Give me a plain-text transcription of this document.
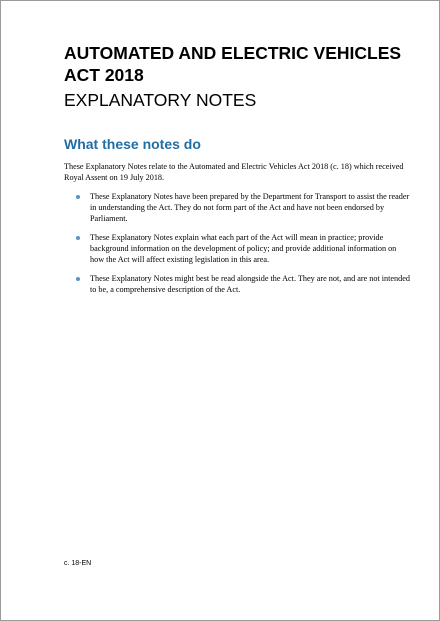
AUTOMATED AND ELECTRIC VEHICLES ACT 2018
EXPLANATORY NOTES
What these notes do

These Explanatory Notes relate to the Automated and Electric Vehicles Act 2018 (c. 18) which received Royal Assent on 19 July 2018.

These Explanatory Notes have been prepared by the Department for Transport to assist the reader in understanding the Act. They do not form part of the Act and have not been endorsed by Parliament.
These Explanatory Notes explain what each part of the Act will mean in practice; provide background information on the development of policy; and provide additional information on how the Act will affect existing legislation in this area.
These Explanatory Notes might best be read alongside the Act. They are not, and are not intended to be, a comprehensive description of the Act.

c. 18-EN
